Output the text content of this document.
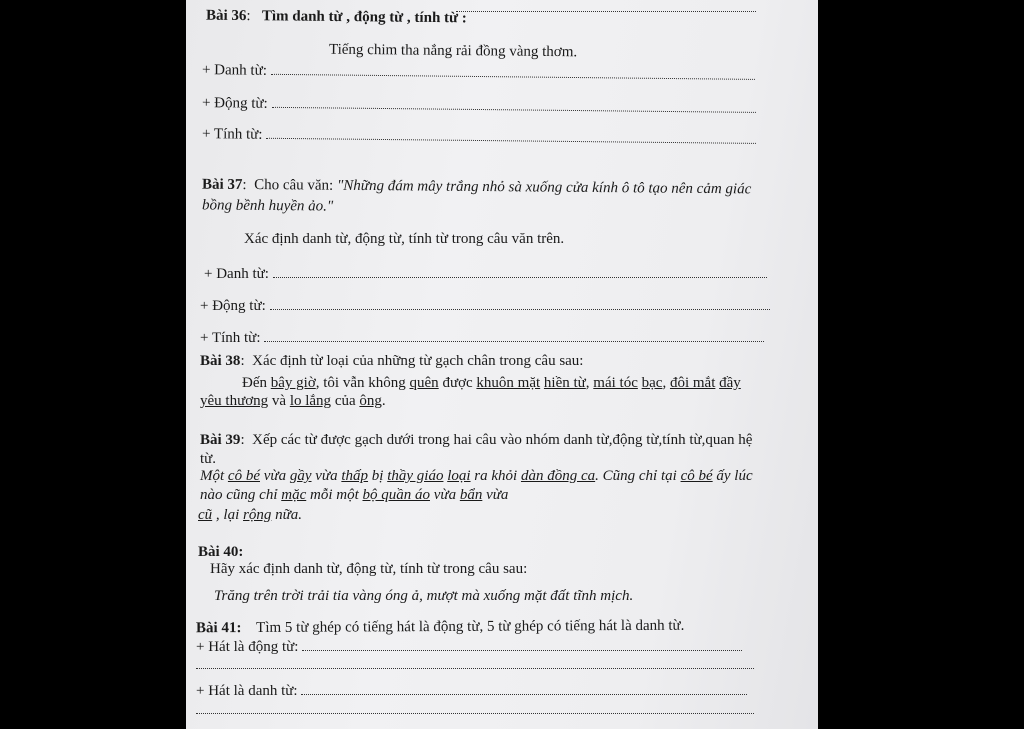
Bài 36:   Tìm danh từ , động từ , tính từ :
Tiếng chim tha nắng rải đồng vàng thơm.
+ Danh từ:
+ Động từ:
+ Tính từ:
Bài 37:  Cho câu văn: "Những đám mây trắng nhỏ sà xuống cửa kính ô tô tạo nên cảm giác
bồng bềnh huyền ảo."
Xác định danh từ, động từ, tính từ trong câu văn trên.
+ Danh từ:
+ Động từ:
+ Tính từ:
Bài 38:  Xác định từ loại của những từ gạch chân trong câu sau:
Đến bây giờ, tôi vẫn không quên được khuôn mặt hiền từ, mái tóc bạc, đôi mắt đầy
yêu thương và lo lắng của ông.
Bài 39:  Xếp các từ được gạch dưới trong hai câu vào nhóm danh từ,động từ,tính từ,quan hệ
từ.
Một cô bé vừa gầy vừa thấp bị thầy giáo loại ra khỏi dàn đồng ca. Cũng chỉ tại cô bé ấy lúc
nào cũng chỉ mặc mỗi một bộ quần áo vừa bẩn vừa
cũ , lại rộng nữa.
Bài 40:
Hãy xác định danh từ, động từ, tính từ trong câu sau:
Trăng trên trời trải tia vàng óng ả, mượt mà xuống mặt đất tĩnh mịch.
Bài 41: Tìm 5 từ ghép có tiếng hát là động từ, 5 từ ghép có tiếng hát là danh từ.
+ Hát là động từ:
+ Hát là danh từ:
